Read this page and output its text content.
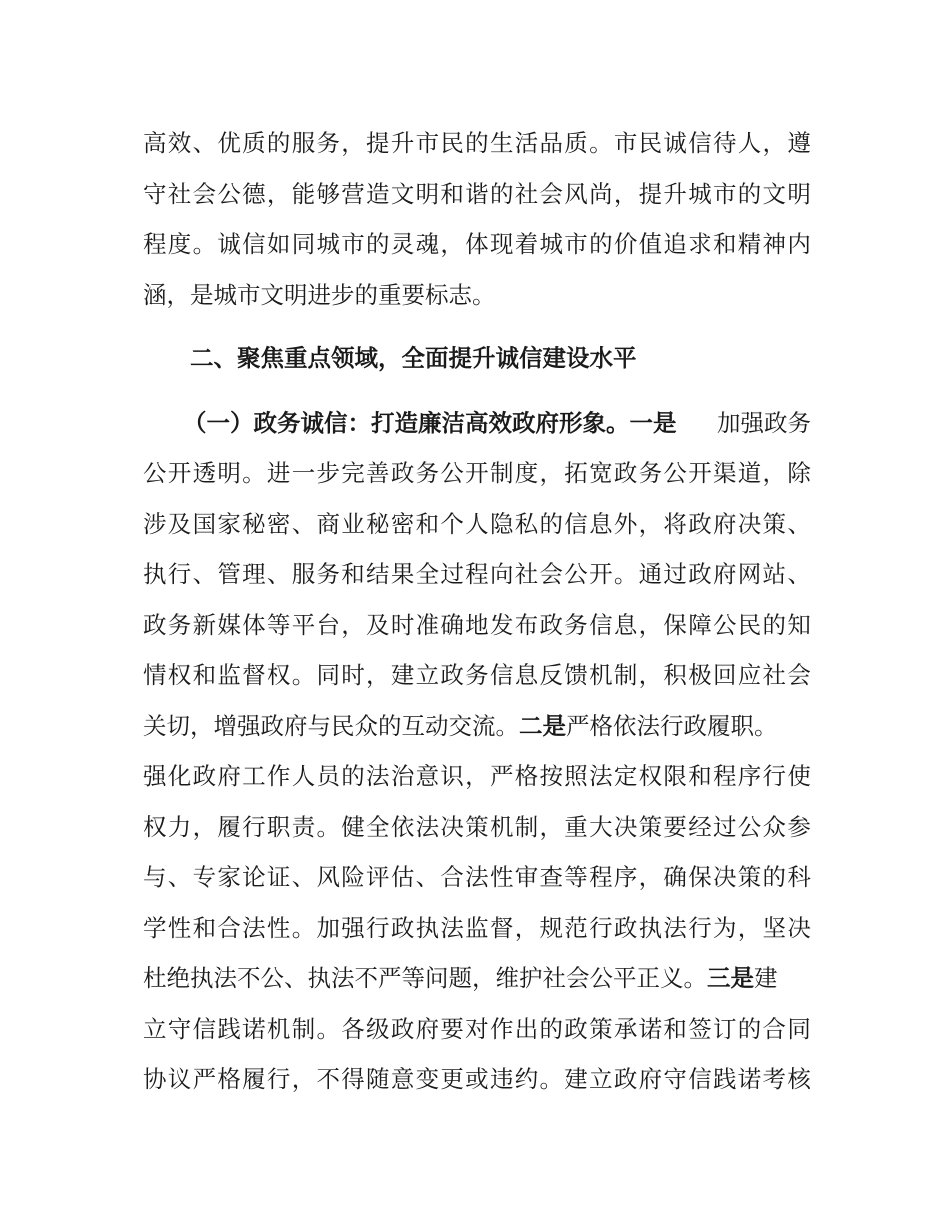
高 效 、 优 质 的 服 务 ， 提 升 市 民 的 生 活 品 质 。 市 民 诚 信 待 人 ， 遵
守 社 会 公 德 ， 能 够 营 造 文 明 和 谐 的 社 会 风 尚 ， 提 升 城 市 的 文 明
程 度 。 诚 信 如 同 城 市 的 灵 魂 ， 体 现 着 城 市 的 价 值 追 求 和 精 神 内
涵，是城市文明进步的重要标志。
二、聚焦重点领域，全面提升诚信建设水平
（一）政务诚信：打造廉洁高效政府形象。一是 加强政务
公 开 透 明 。 进 一 步 完 善 政 务 公 开 制 度 ， 拓 宽 政 务 公 开 渠 道 ， 除
涉 及 国 家 秘 密 、 商 业 秘 密 和 个 人 隐 私 的 信 息 外 ， 将 政 府 决 策 、
执 行 、 管 理 、 服 务 和 结 果 全 过 程 向 社 会 公 开 。 通 过 政 府 网 站 、
政 务 新 媒 体 等 平 台 ， 及 时 准 确 地 发 布 政 务 信 息 ， 保 障 公 民 的 知
情 权 和 监 督 权 。 同 时 ， 建 立 政 务 信 息 反 馈 机 制 ， 积 极 回 应 社 会
关切，增强政府与民众的互动交流。二是严格依法行政履职。
强 化 政 府 工 作 人 员 的 法 治 意 识 ， 严 格 按 照 法 定 权 限 和 程 序 行 使
权 力 ， 履 行 职 责 。 健 全 依 法 决 策 机 制 ， 重 大 决 策 要 经 过 公 众 参
与 、 专 家 论 证 、 风 险 评 估 、 合 法 性 审 查 等 程 序 ， 确 保 决 策 的 科
学 性 和 合 法 性 。 加 强 行 政 执 法 监 督 ， 规 范 行 政 执 法 行 为 ， 坚 决
杜绝执法不公、执法不严等问题，维护社会公平正义。三是建
立 守 信 践 诺 机 制 。 各 级 政 府 要 对 作 出 的 政 策 承 诺 和 签 订 的 合 同
协 议 严 格 履 行 ， 不 得 随 意 变 更 或 违 约 。 建 立 政 府 守 信 践 诺 考 核
